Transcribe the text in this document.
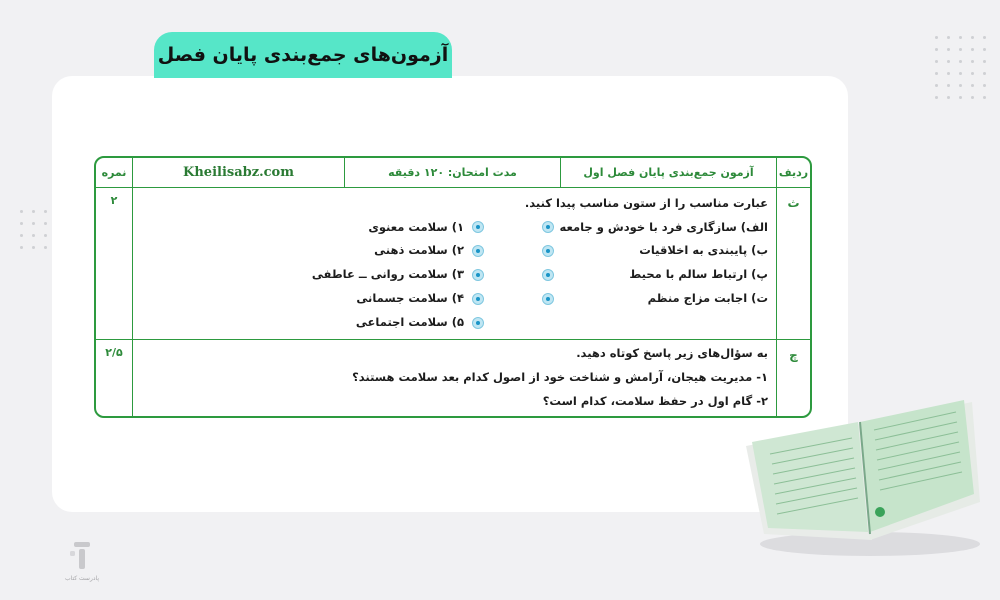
آزمون‌های جمع‌بندی پایان فصل
ردیف
آزمون جمع‌بندی پایان فصل اول
مدت امتحان: ۱۲۰ دقیقه
Kheilisabz.com
نمره
ث
عبارت مناسب را از ستون مناسب پیدا کنید.
الف) سازگاری فرد با خودش و جامعه
ب) پایبندی به اخلاقیات
پ) ارتباط سالم با محیط
ت) اجابت مزاج منظم
۱) سلامت معنوی
۲) سلامت ذهنی
۳) سلامت روانی ــ عاطفی
۴) سلامت جسمانی
۵) سلامت اجتماعی
۲
چ
به سؤال‌های زیر پاسخ کوتاه دهید.
۱- مدیریت هیجان، آرامش و شناخت خود از اصول کدام بعد سلامت هستند؟
۲- گام اول در حفظ سلامت، کدام است؟
۲/۵
پادرست کتاب
